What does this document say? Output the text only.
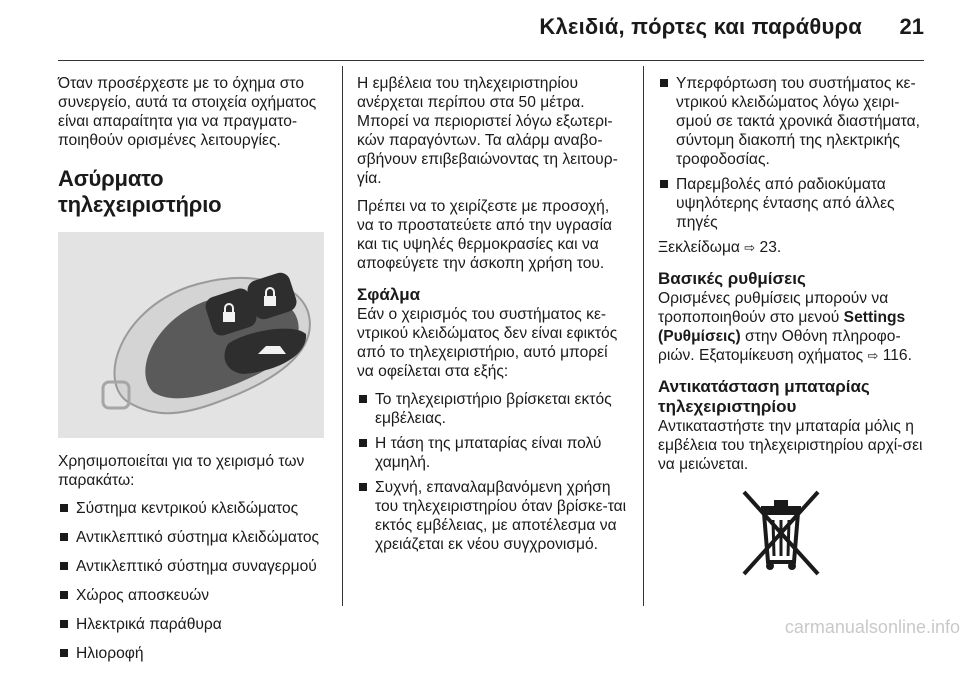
Κλειδιά, πόρτες και παράθυρα 21

Όταν προσέρχεστε με το όχημα στο συνεργείο, αυτά τα στοιχεία οχήματος είναι απαραίτητα για να πραγματο-ποιηθούν ορισμένες λειτουργίες.

Ασύρματο τηλεχειριστήριο

Χρησιμοποιείται για το χειρισμό των παρακάτω:

Σύστημα κεντρικού κλειδώματος
Αντικλεπτικό σύστημα κλειδώματος
Αντικλεπτικό σύστημα συναγερμού
Χώρος αποσκευών
Ηλεκτρικά παράθυρα
Ηλιοροφή

Η εμβέλεια του τηλεχειριστηρίου ανέρχεται περίπου στα 50 μέτρα. Μπορεί να περιοριστεί λόγω εξωτερι-κών παραγόντων. Τα αλάρμ αναβο-σβήνουν επιβεβαιώνοντας τη λειτουρ-γία.

Πρέπει να το χειρίζεστε με προσοχή, να το προστατεύετε από την υγρασία και τις υψηλές θερμοκρασίες και να αποφεύγετε την άσκοπη χρήση του.

Σφάλμα

Εάν ο χειρισμός του συστήματος κε-ντρικού κλειδώματος δεν είναι εφικτός από το τηλεχειριστήριο, αυτό μπορεί να οφείλεται στα εξής:

Το τηλεχειριστήριο βρίσκεται εκτός εμβέλειας.
Η τάση της μπαταρίας είναι πολύ χαμηλή.
Συχνή, επαναλαμβανόμενη χρήση του τηλεχειριστηρίου όταν βρίσκε-ται εκτός εμβέλειας, με αποτέλεσμα να χρειάζεται εκ νέου συγχρονισμό.
Υπερφόρτωση του συστήματος κε-ντρικού κλειδώματος λόγω χειρι-σμού σε τακτά χρονικά διαστήματα, σύντομη διακοπή της ηλεκτρικής τροφοδοσίας.
Παρεμβολές από ραδιοκύματα υψηλότερης έντασης από άλλες πηγές

Ξεκλείδωμα ⇨ 23.

Βασικές ρυθμίσεις

Ορισμένες ρυθμίσεις μπορούν να τροποποιηθούν στο μενού Settings (Ρυθμίσεις) στην Οθόνη πληροφο-ριών. Εξατομίκευση οχήματος ⇨ 116.

Αντικατάσταση μπαταρίας τηλεχειριστηρίου

Αντικαταστήστε την μπαταρία μόλις η εμβέλεια του τηλεχειριστηρίου αρχί-σει να μειώνεται.

carmanualsonline.info
